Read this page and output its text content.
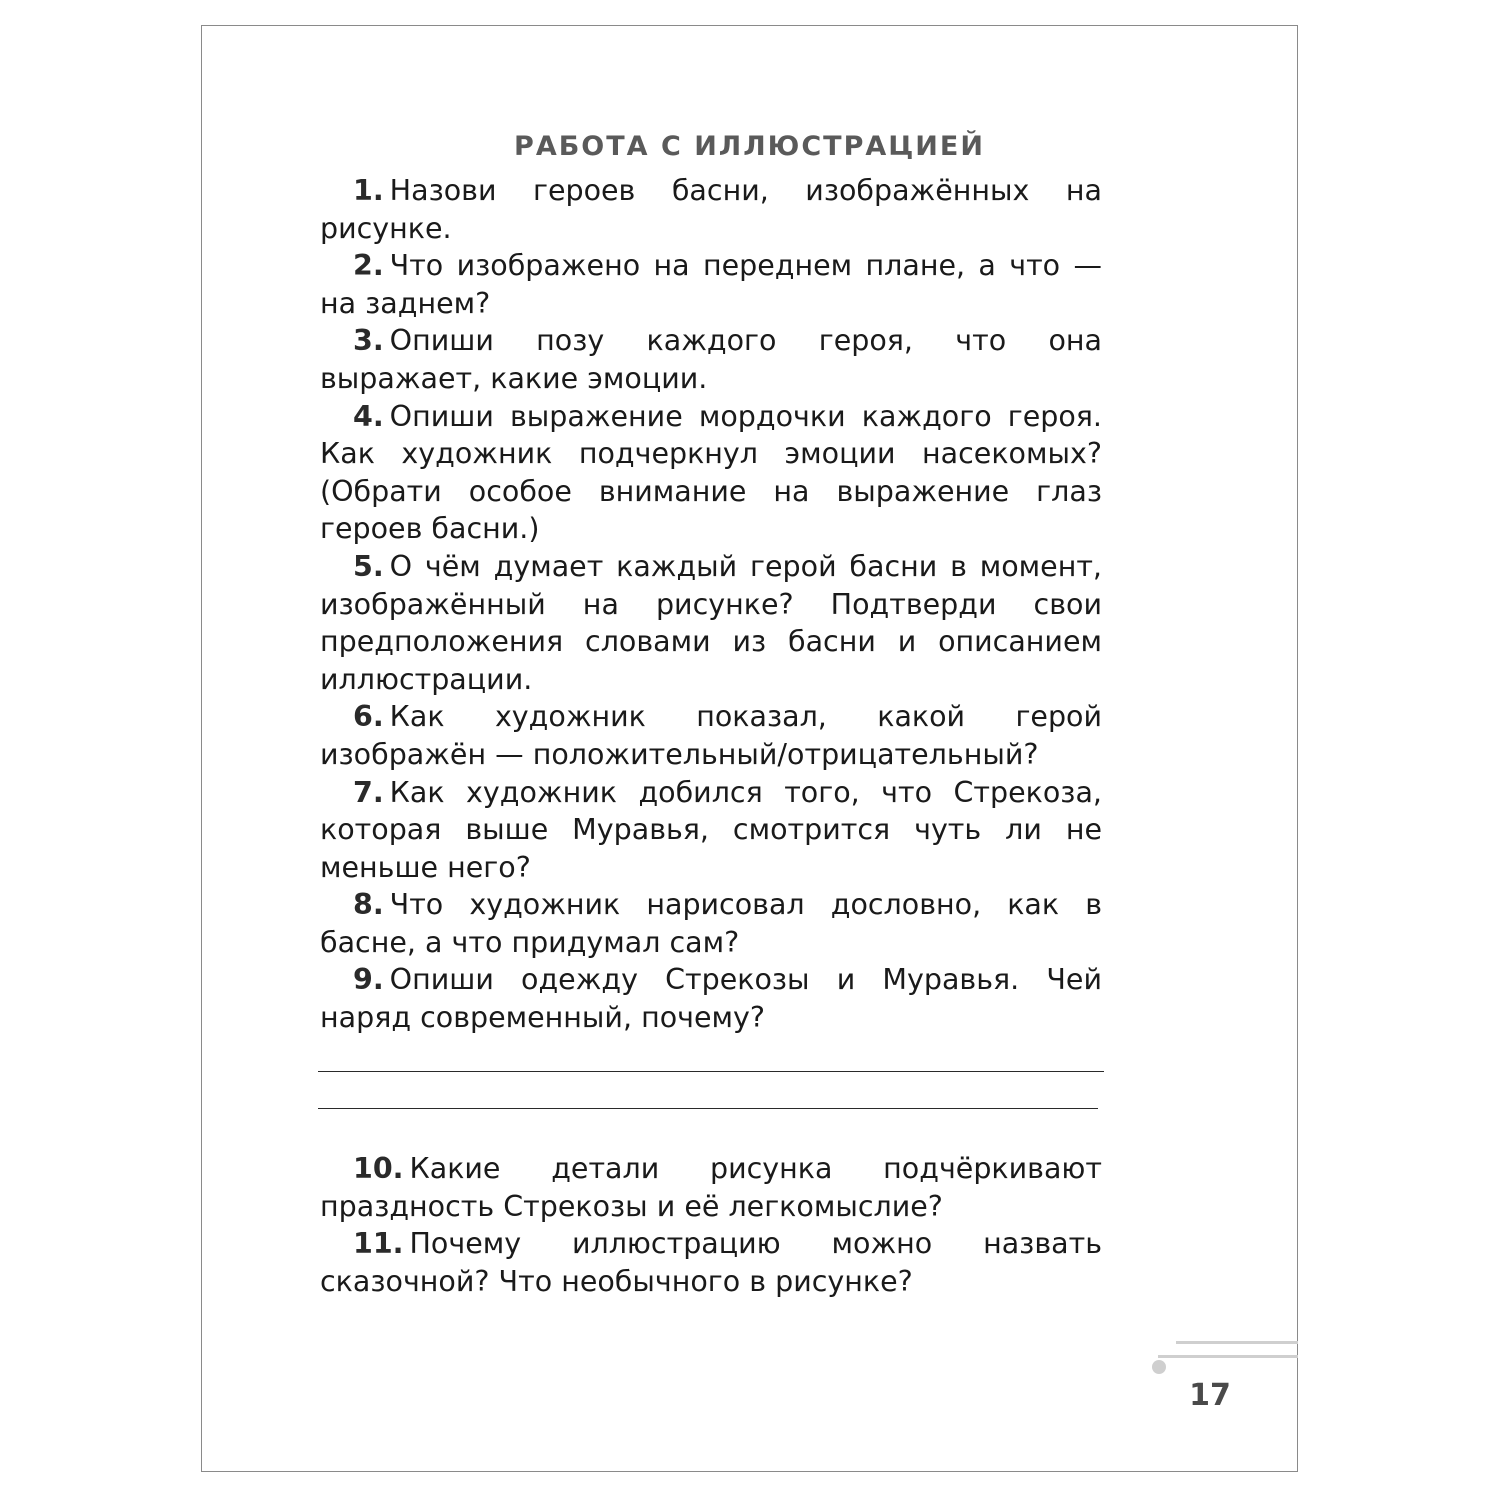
РАБОТА С ИЛЛЮСТРАЦИЕЙ

1. Назови героев басни, изображённых на рисунке.

2. Что изображено на переднем плане, а что — на заднем?

3. Опиши позу каждого героя, что она выражает, какие эмоции.

4. Опиши выражение мордочки каждого героя. Как художник подчеркнул эмоции насекомых? (Обрати особое внимание на выражение глаз героев басни.)

5. О чём думает каждый герой басни в момент, изображённый на рисунке? Подтверди свои предположения словами из басни и описанием иллюстрации.

6. Как художник показал, какой герой изображён — положительный/отрицательный?

7. Как художник добился того, что Стрекоза, которая выше Муравья, смотрится чуть ли не меньше него?

8. Что художник нарисовал дословно, как в басне, а что придумал сам?

9. Опиши одежду Стрекозы и Муравья. Чей наряд современный, почему?

10. Какие детали рисунка подчёркивают праздность Стрекозы и её легкомыслие?

11. Почему иллюстрацию можно назвать сказочной? Что необычного в рисунке?

17
